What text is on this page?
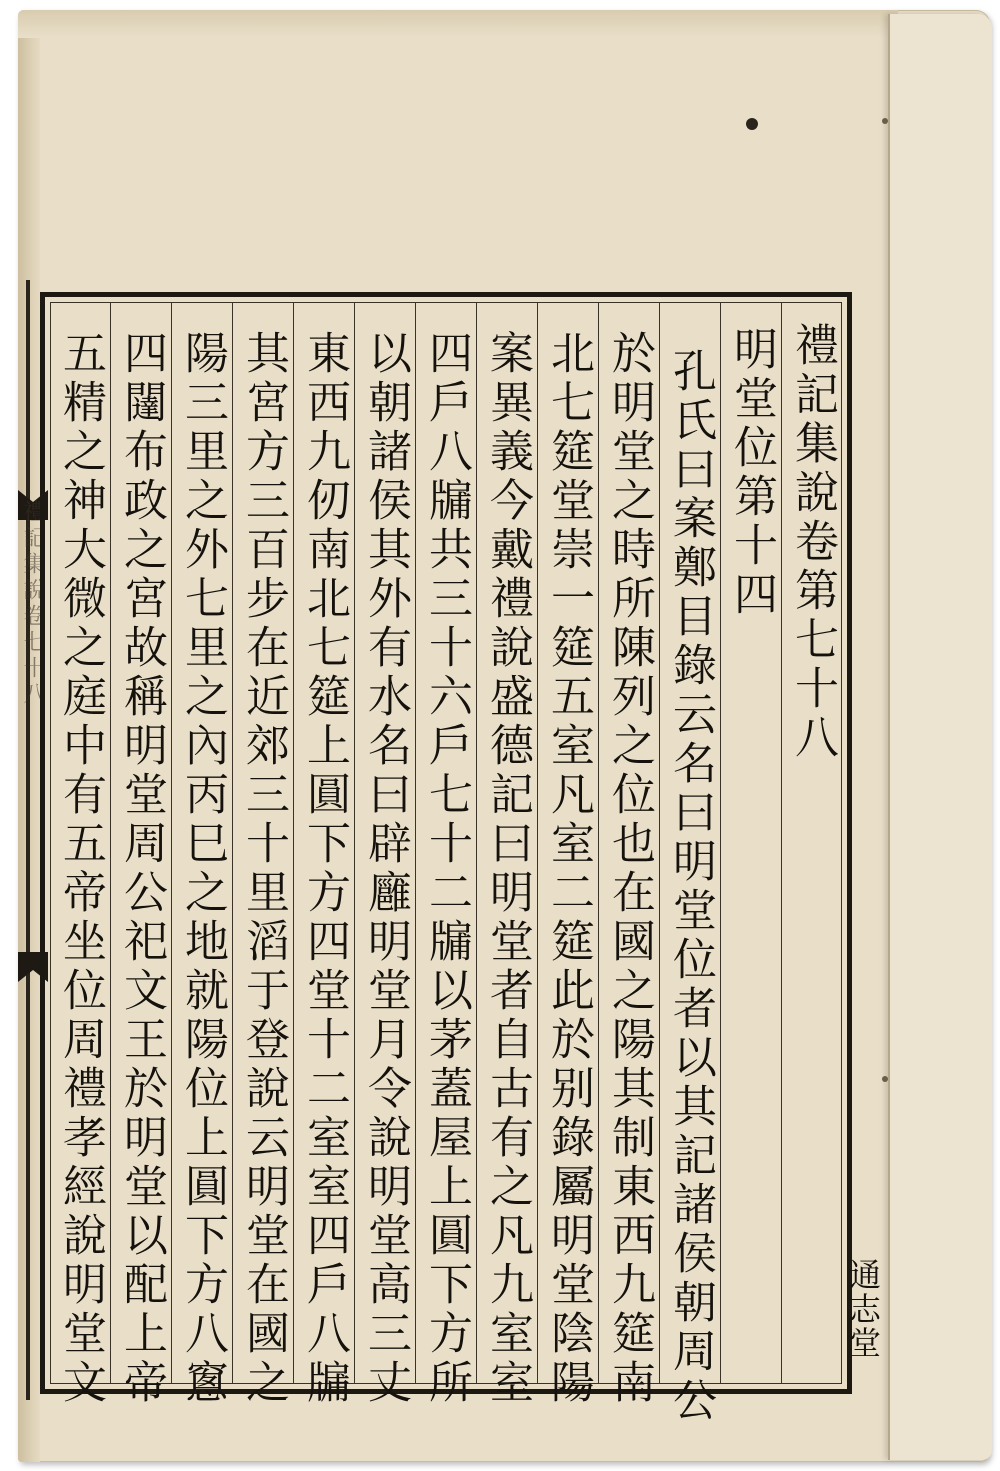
禮記集說卷七十八	禮記集說卷第七十八
明堂位第十四
孔氏曰案鄭目錄云名曰明堂位者以其記諸侯朝周公
於明堂之時所陳列之位也在國之陽其制東西九筵南
北七筵堂崇一筵五室凡室二筵此於别錄屬明堂陰陽
案異義今戴禮說盛德記曰明堂者自古有之凡九室室
四戶八牖共三十六戶七十二牖以茅蓋屋上圓下方所
以朝諸侯其外有水名曰辟廱明堂月令說明堂高三丈
東西九仞南北七筵上圓下方四堂十二室室四戶八牖
其宮方三百步在近郊三十里滔于登說云明堂在國之
陽三里之外七里之內丙巳之地就陽位上圓下方八窻
四闥布政之宮故稱明堂周公祀文王於明堂以配上帝
五精之神大微之庭中有五帝坐位周禮孝經說明堂文	通志堂
